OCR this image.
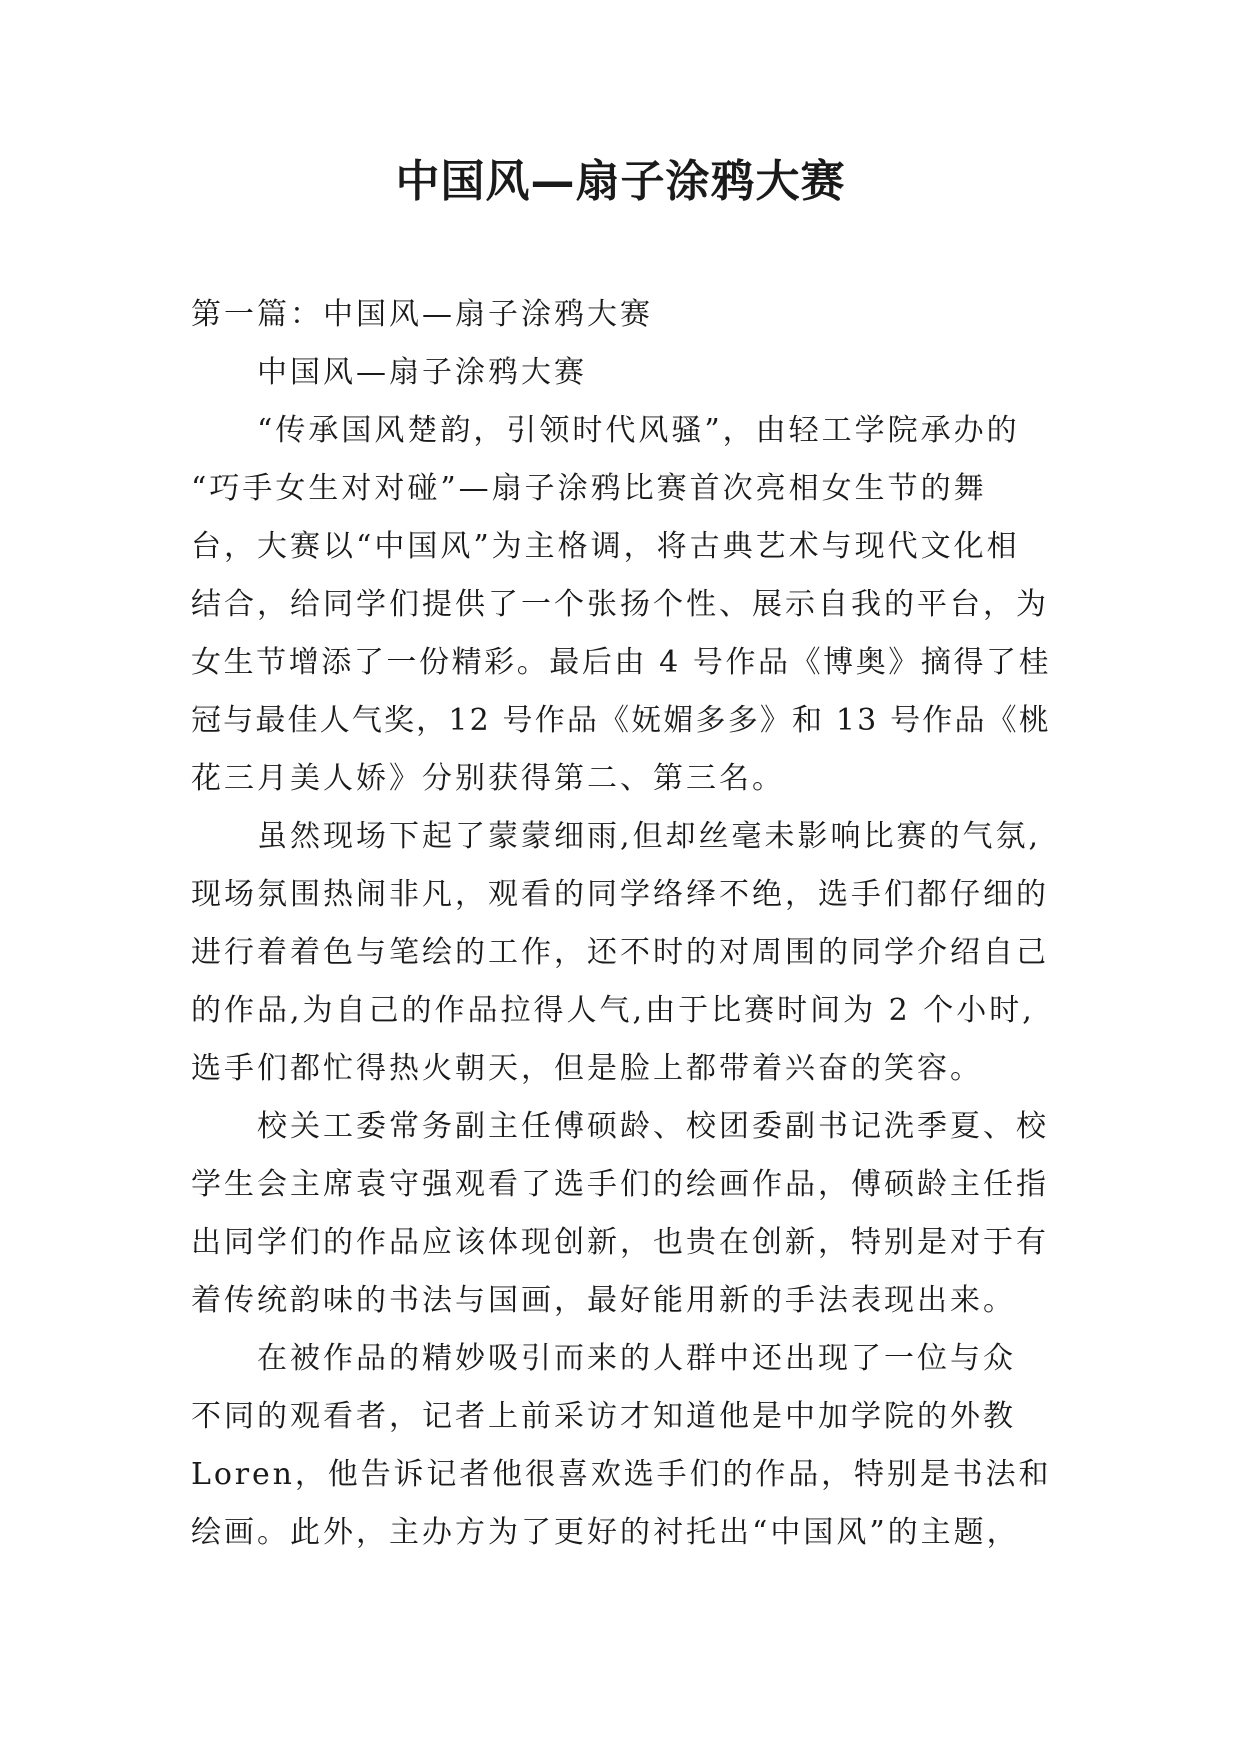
中国风—扇子涂鸦大赛
第一篇：中国风—扇子涂鸦大赛
中国风—扇子涂鸦大赛
“传承国风楚韵，引领时代风骚”，由轻工学院承办的
“巧手女生对对碰”—扇子涂鸦比赛首次亮相女生节的舞
台，大赛以“中国风”为主格调，将古典艺术与现代文化相
结合，给同学们提供了一个张扬个性、展示自我的平台，为
女生节增添了一份精彩。最后由 4 号作品《博奥》摘得了桂
冠与最佳人气奖，12 号作品《妩媚多多》和 13 号作品《桃
花三月美人娇》分别获得第二、第三名。
虽然现场下起了蒙蒙细雨,但却丝毫未影响比赛的气氛,
现场氛围热闹非凡，观看的同学络绎不绝，选手们都仔细的
进行着着色与笔绘的工作，还不时的对周围的同学介绍自己
的作品,为自己的作品拉得人气,由于比赛时间为 2 个小时,
选手们都忙得热火朝天，但是脸上都带着兴奋的笑容。
校关工委常务副主任傅硕龄、校团委副书记洗季夏、校
学生会主席袁守强观看了选手们的绘画作品，傅硕龄主任指
出同学们的作品应该体现创新，也贵在创新，特别是对于有
着传统韵味的书法与国画，最好能用新的手法表现出来。
在被作品的精妙吸引而来的人群中还出现了一位与众
不同的观看者，记者上前采访才知道他是中加学院的外教
Loren，他告诉记者他很喜欢选手们的作品，特别是书法和
绘画。此外，主办方为了更好的衬托出“中国风”的主题，
